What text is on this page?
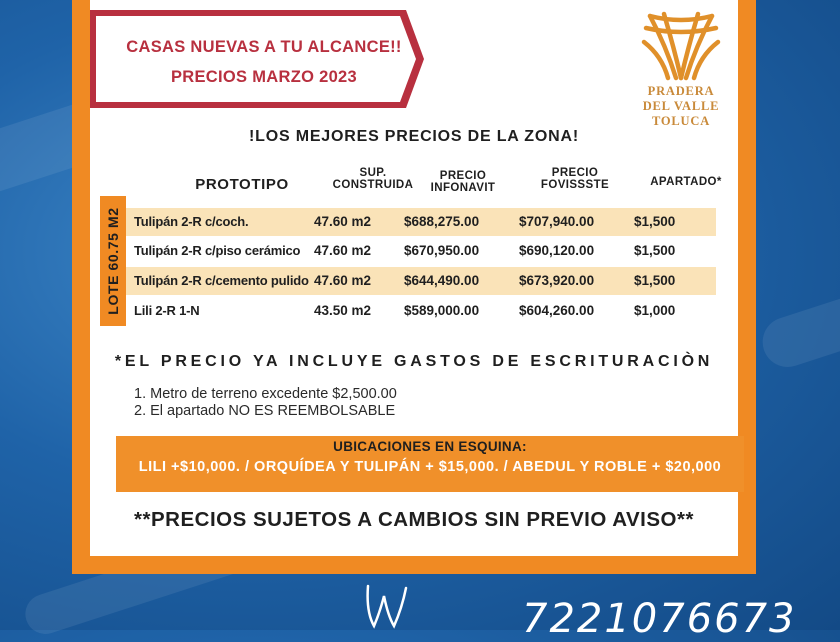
CASAS NUEVAS A TU ALCANCE!!
PRECIOS MARZO 2023
PRADERA
DEL VALLE
TOLUCA
!LOS MEJORES PRECIOS DE LA ZONA!
PROTOTIPO
SUP.
CONSTRUIDA
PRECIO
INFONAVIT
PRECIO
FOVISSSTE	APARTADO*
LOTE 60.75 M2	Tulipán 2-R c/coch.	47.60 m2 $688,275.00	$707,940.00	$1,500
Tulipán 2-R c/piso cerámico 47.60 m2 $670,950.00	$690,120.00	$1,500
Tulipán 2-R c/cemento pulido 47.60 m2 $644,490.00	$673,920.00	$1,500
Lili 2-R 1-N	43.50 m2 $589,000.00	$604,260.00	$1,000
*EL PRECIO YA INCLUYE GASTOS DE ESCRITURACIÒN
1. Metro de terreno excedente $2,500.00
2. El apartado NO ES REEMBOLSABLE
**PRECIOS SUJETOS A CAMBIOS SIN PREVIO AVISO**
UBICACIONES EN ESQUINA:
LILI +$10,000. / ORQUÍDEA Y TULIPÁN + $15,000. / ABEDUL Y ROBLE + $20,000
7221076673
